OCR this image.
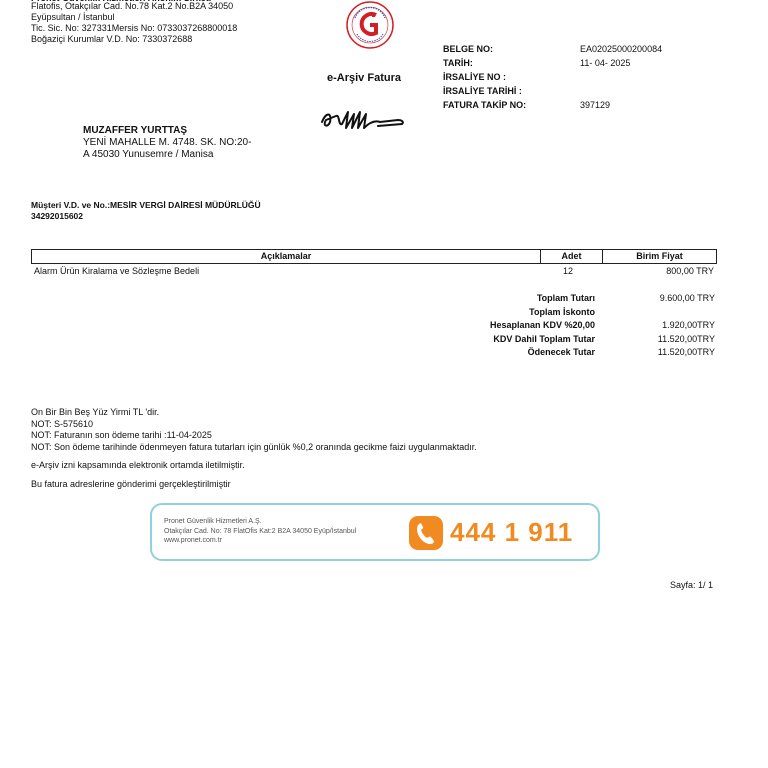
Flatofis, Otakçılar Cad. No.78 Kat.2 No.B2A 34050
Eyüpsultan / İstanbul
Tic. Sic. No: 327331Mersis No: 0733037268800018
Boğaziçi Kurumlar V.D. No: 7330372688
e-Arşiv Fatura
BELGE NO:	EA02025000200084
TARİH:	11- 04- 2025
İRSALİYE NO :
İRSALİYE TARİHİ :
FATURA TAKİP NO:	397129
MUZAFFER YURTTAŞ
YENİ MAHALLE M. 4748. SK. NO:20-
A 45030 Yunusemre / Manisa
Müşteri V.D. ve No.:MESİR VERGİ DAİRESİ MÜDÜRLÜĞÜ
34292015602
Açıklamalar	Adet	Birim Fiyat
Alarm Ürün Kiralama ve Sözleşme Bedeli	12	800,00 TRY
Toplam Tutarı	9.600,00 TRY
Toplam İskonto
Hesaplanan KDV %20,00	1.920,00TRY
KDV Dahil Toplam Tutar	11.520,00TRY
Ödenecek Tutar	11.520,00TRY
On Bir Bin Beş Yüz Yirmi TL 'dir.
NOT: S-575610
NOT: Faturanın son ödeme tarihi :11-04-2025
NOT: Son ödeme tarihinde ödenmeyen fatura tutarları için günlük %0,2 oranında gecikme faizi uygulanmaktadır.
e-Arşiv izni kapsamında elektronik ortamda iletilmiştir.
Bu fatura adreslerine gönderimi gerçekleştirilmiştir
Pronet Güvenlik Hizmetleri A.Ş.
Otakçılar Cad. No: 78 FlatOfis Kat:2 B2A 34050 Eyüp/İstanbul
www.pronet.com.tr	444 1 911
Sayfa: 1/ 1
